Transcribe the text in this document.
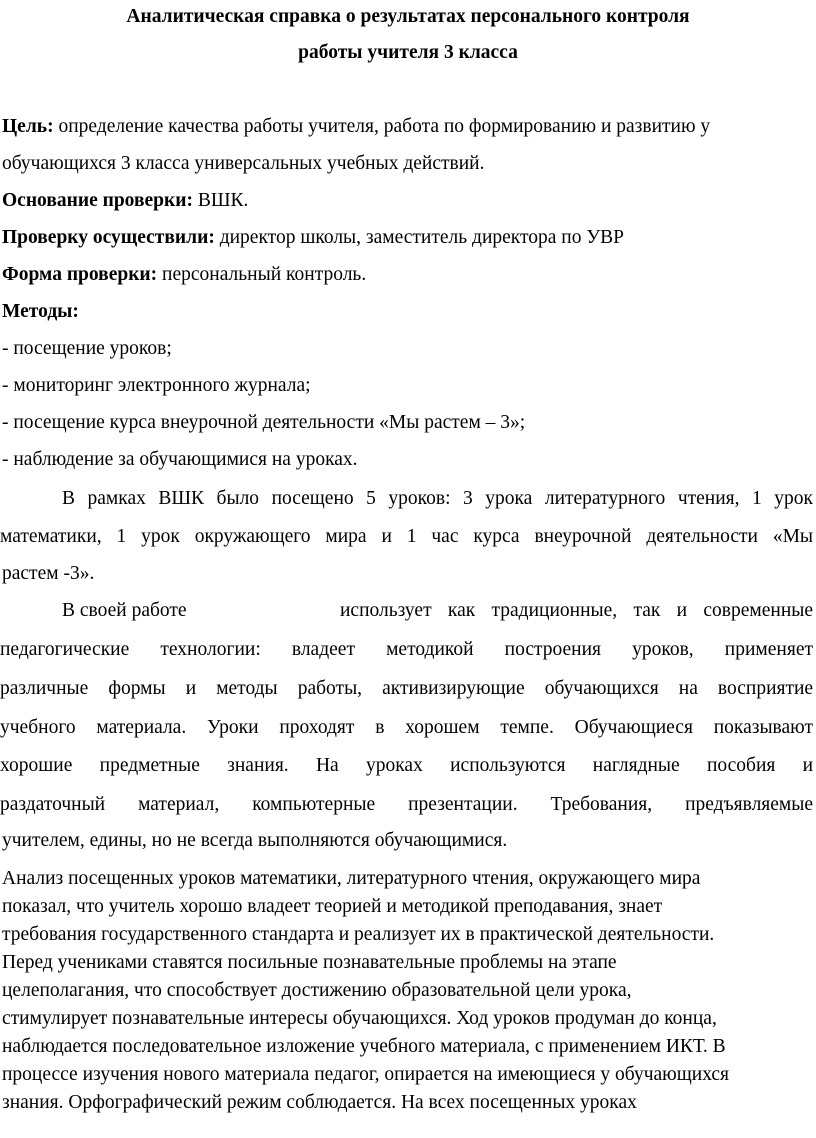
Аналитическая справка о результатах персонального контроля
работы учителя 3 класса
Цель: определение качества работы учителя, работа по формированию и развитию у
обучающихся 3 класса универсальных учебных действий.
Основание проверки: ВШК.
Проверку осуществили: директор школы, заместитель директора по УВР
Форма проверки: персональный контроль.
Методы:
- посещение уроков;
- мониторинг электронного журнала;
- посещение курса внеурочной деятельности «Мы растем – 3»;
- наблюдение за обучающимися на уроках.
В рамках ВШК было посещено 5 уроков: 3 урока литературного чтения, 1 урок
математики, 1 урок окружающего мира и 1 час курса внеурочной деятельности «Мы
растем -3».
В своей работе	использует как традиционные, так и современные
педагогические технологии: владеет методикой построения уроков, применяет
различные формы и методы работы, активизирующие обучающихся на восприятие
учебного материала. Уроки проходят в хорошем темпе. Обучающиеся показывают
хорошие предметные знания. На уроках используются наглядные пособия и
раздаточный материал, компьютерные презентации. Требования, предъявляемые
учителем, едины, но не всегда выполняются обучающимися.
Анализ посещенных уроков математики, литературного чтения, окружающего мира
показал, что учитель хорошо владеет теорией и методикой преподавания, знает
требования государственного стандарта и реализует их в практической деятельности.
Перед учениками ставятся посильные познавательные проблемы на этапе
целеполагания, что способствует достижению образовательной цели урока,
стимулирует познавательные интересы обучающихся. Ход уроков продуман до конца,
наблюдается последовательное изложение учебного материала, с применением ИКТ. В
процессе изучения нового материала педагог, опирается на имеющиеся у обучающихся
знания. Орфографический режим соблюдается. На всех посещенных уроках
